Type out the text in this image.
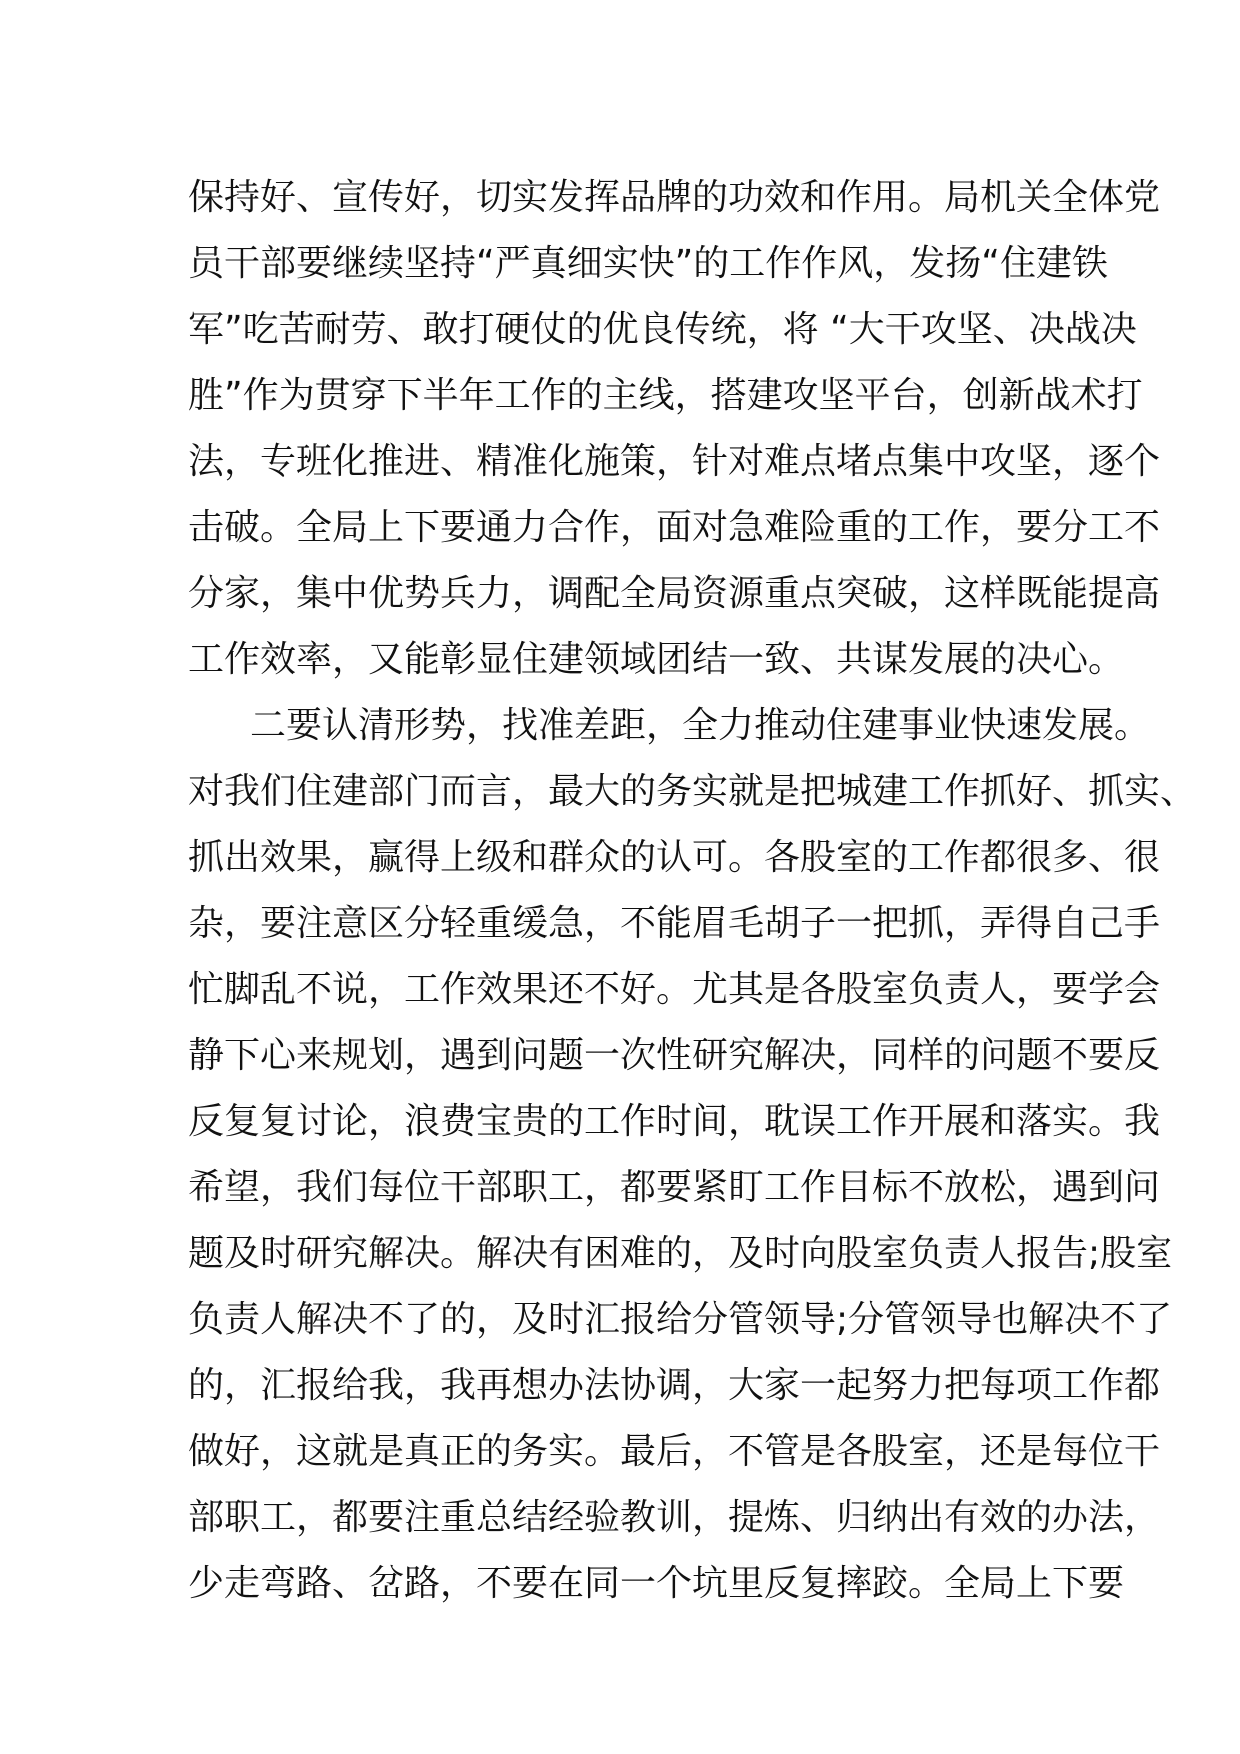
保持好、宣传好，切实发挥品牌的功效和作用。局机关全体党
员干部要继续坚持“严真细实快”的工作作风，发扬“住建铁
军”吃苦耐劳、敢打硬仗的优良传统，将 “大干攻坚、决战决
胜”作为贯穿下半年工作的主线，搭建攻坚平台，创新战术打
法，专班化推进、精准化施策，针对难点堵点集中攻坚，逐个
击破。全局上下要通力合作，面对急难险重的工作，要分工不
分家，集中优势兵力，调配全局资源重点突破，这样既能提高
工作效率，又能彰显住建领域团结一致、共谋发展的决心。
二要认清形势，找准差距，全力推动住建事业快速发展。
对我们住建部门而言，最大的务实就是把城建工作抓好、抓实、
抓出效果，赢得上级和群众的认可。各股室的工作都很多、很
杂，要注意区分轻重缓急，不能眉毛胡子一把抓，弄得自己手
忙脚乱不说，工作效果还不好。尤其是各股室负责人，要学会
静下心来规划，遇到问题一次性研究解决，同样的问题不要反
反复复讨论，浪费宝贵的工作时间，耽误工作开展和落实。我
希望，我们每位干部职工，都要紧盯工作目标不放松，遇到问
题及时研究解决。解决有困难的，及时向股室负责人报告;股室
负责人解决不了的，及时汇报给分管领导;分管领导也解决不了
的，汇报给我，我再想办法协调，大家一起努力把每项工作都
做好，这就是真正的务实。最后，不管是各股室，还是每位干
部职工，都要注重总结经验教训，提炼、归纳出有效的办法，
少走弯路、岔路，不要在同一个坑里反复摔跤。全局上下要
